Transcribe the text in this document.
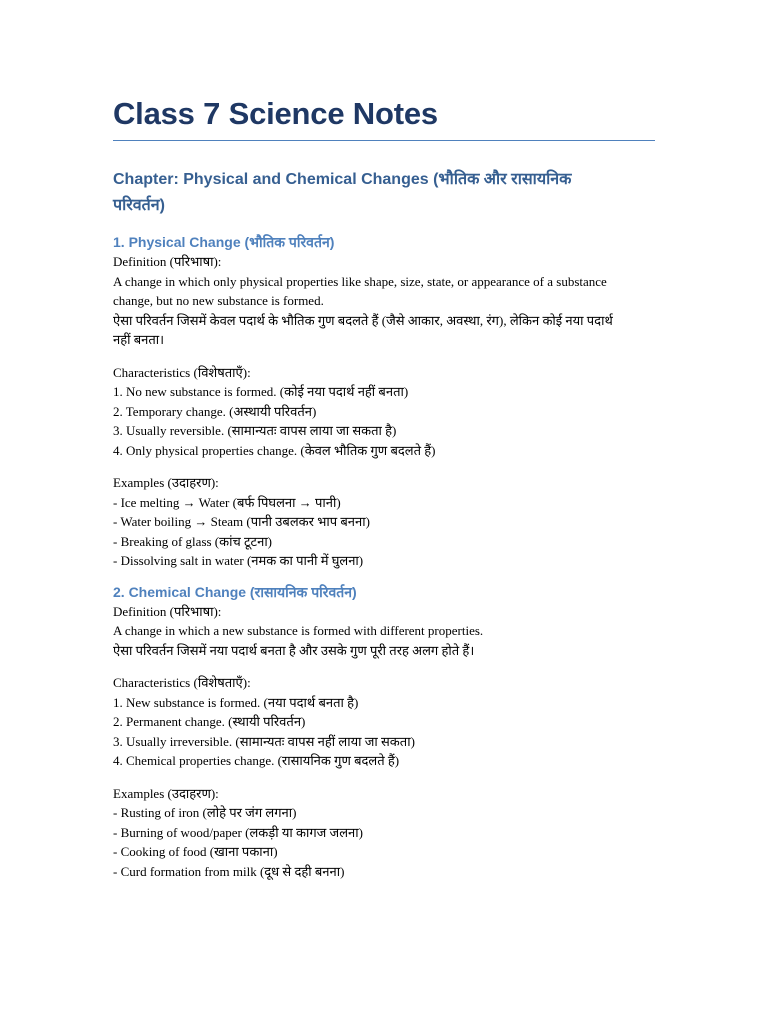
Class 7 Science Notes
Chapter: Physical and Chemical Changes (भौतिक और रासायनिक परिवर्तन)
1. Physical Change (भौतिक परिवर्तन)
Definition (परिभाषा):
A change in which only physical properties like shape, size, state, or appearance of a substance change, but no new substance is formed.
ऐसा परिवर्तन जिसमें केवल पदार्थ के भौतिक गुण बदलते हैं (जैसे आकार, अवस्था, रंग), लेकिन कोई नया पदार्थ नहीं बनता।
Characteristics (विशेषताएँ):
1. No new substance is formed. (कोई नया पदार्थ नहीं बनता)
2. Temporary change. (अस्थायी परिवर्तन)
3. Usually reversible. (सामान्यतः वापस लाया जा सकता है)
4. Only physical properties change. (केवल भौतिक गुण बदलते हैं)
Examples (उदाहरण):
- Ice melting → Water (बर्फ पिघलना → पानी)
- Water boiling → Steam (पानी उबलकर भाप बनना)
- Breaking of glass (कांच टूटना)
- Dissolving salt in water (नमक का पानी में घुलना)
2. Chemical Change (रासायनिक परिवर्तन)
Definition (परिभाषा):
A change in which a new substance is formed with different properties.
ऐसा परिवर्तन जिसमें नया पदार्थ बनता है और उसके गुण पूरी तरह अलग होते हैं।
Characteristics (विशेषताएँ):
1. New substance is formed. (नया पदार्थ बनता है)
2. Permanent change. (स्थायी परिवर्तन)
3. Usually irreversible. (सामान्यतः वापस नहीं लाया जा सकता)
4. Chemical properties change. (रासायनिक गुण बदलते हैं)
Examples (उदाहरण):
- Rusting of iron (लोहे पर जंग लगना)
- Burning of wood/paper (लकड़ी या कागज जलना)
- Cooking of food (खाना पकाना)
- Curd formation from milk (दूध से दही बनना)
